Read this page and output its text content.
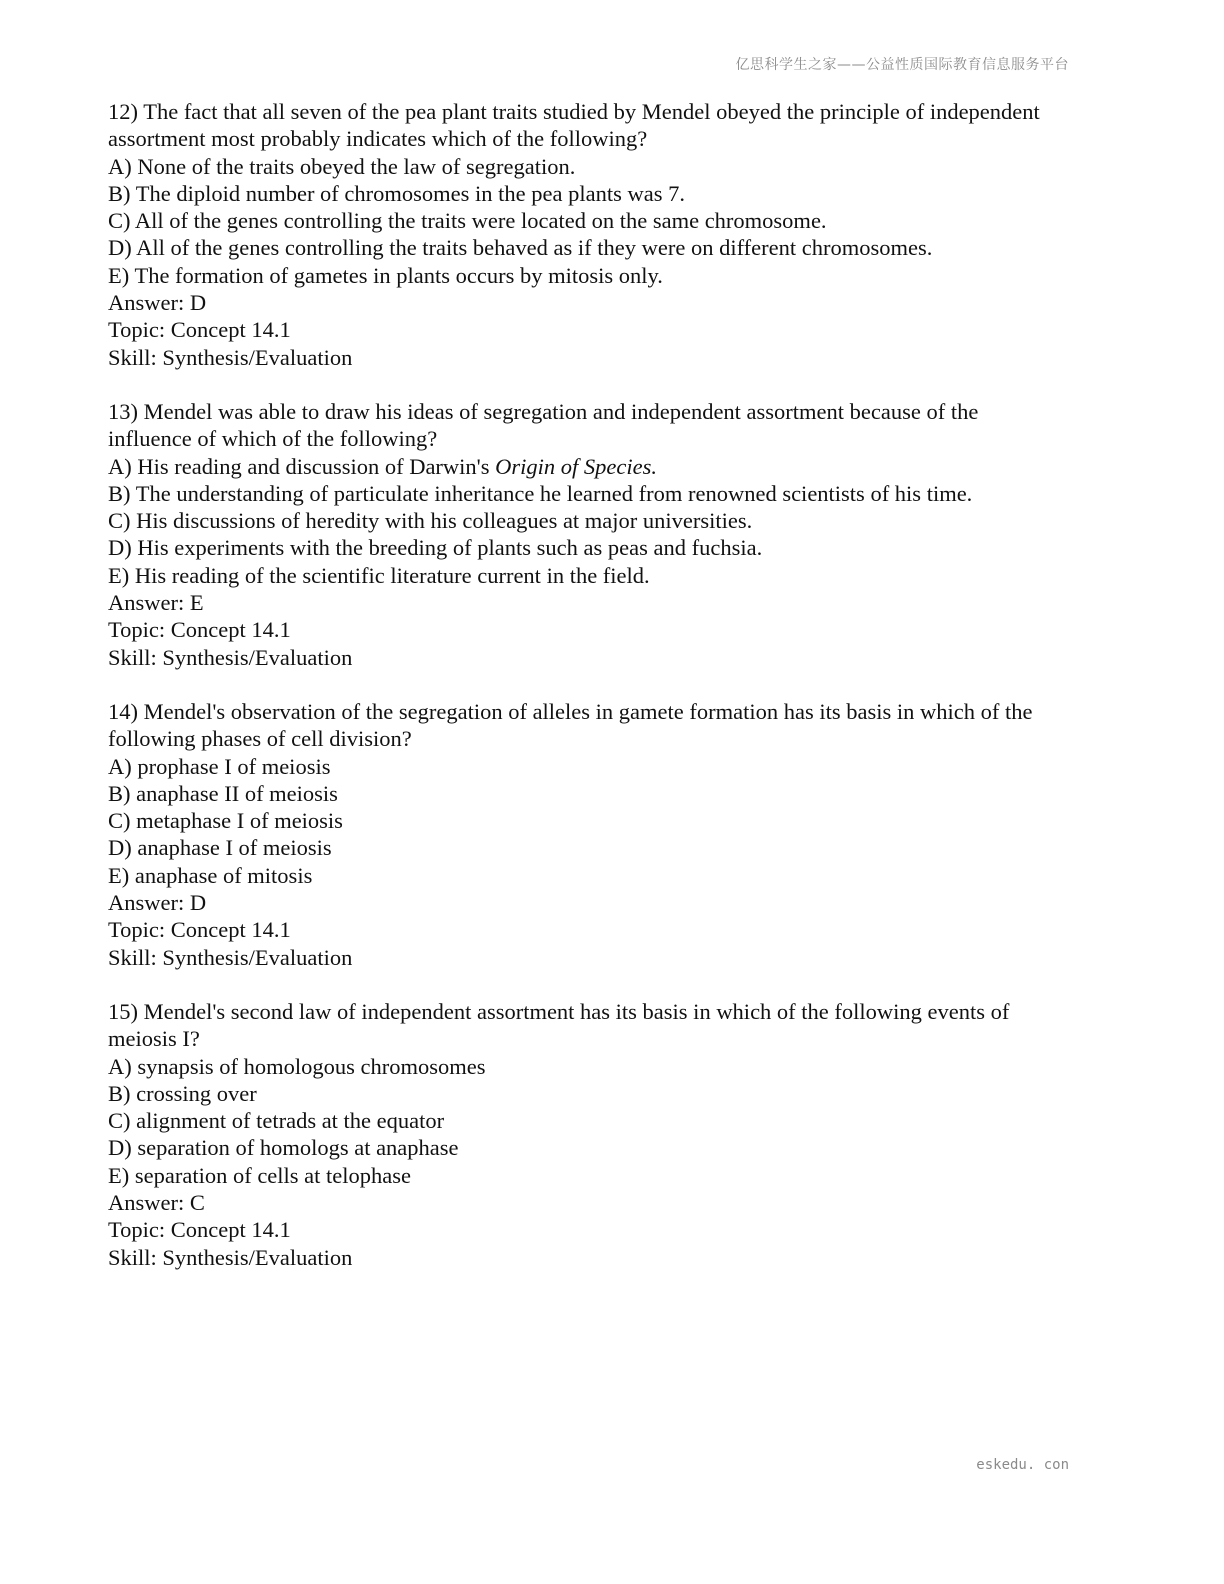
亿思科学生之家——公益性质国际教育信息服务平台
12) The fact that all seven of the pea plant traits studied by Mendel obeyed the principle of independent
assortment most probably indicates which of the following?
A) None of the traits obeyed the law of segregation.
B) The diploid number of chromosomes in the pea plants was 7.
C) All of the genes controlling the traits were located on the same chromosome.
D) All of the genes controlling the traits behaved as if they were on different chromosomes.
E) The formation of gametes in plants occurs by mitosis only.
Answer: D
Topic: Concept 14.1
Skill: Synthesis/Evaluation
13) Mendel was able to draw his ideas of segregation and independent assortment because of the
influence of which of the following?
A) His reading and discussion of Darwin's Origin of Species.
B) The understanding of particulate inheritance he learned from renowned scientists of his time.
C) His discussions of heredity with his colleagues at major universities.
D) His experiments with the breeding of plants such as peas and fuchsia.
E) His reading of the scientific literature current in the field.
Answer: E
Topic: Concept 14.1
Skill: Synthesis/Evaluation
14) Mendel's observation of the segregation of alleles in gamete formation has its basis in which of the
following phases of cell division?
A) prophase I of meiosis
B) anaphase II of meiosis
C) metaphase I of meiosis
D) anaphase I of meiosis
E) anaphase of mitosis
Answer: D
Topic: Concept 14.1
Skill: Synthesis/Evaluation
15) Mendel's second law of independent assortment has its basis in which of the following events of
meiosis I?
A) synapsis of homologous chromosomes
B) crossing over
C) alignment of tetrads at the equator
D) separation of homologs at anaphase
E) separation of cells at telophase
Answer: C
Topic: Concept 14.1
Skill: Synthesis/Evaluation
eskedu. con
